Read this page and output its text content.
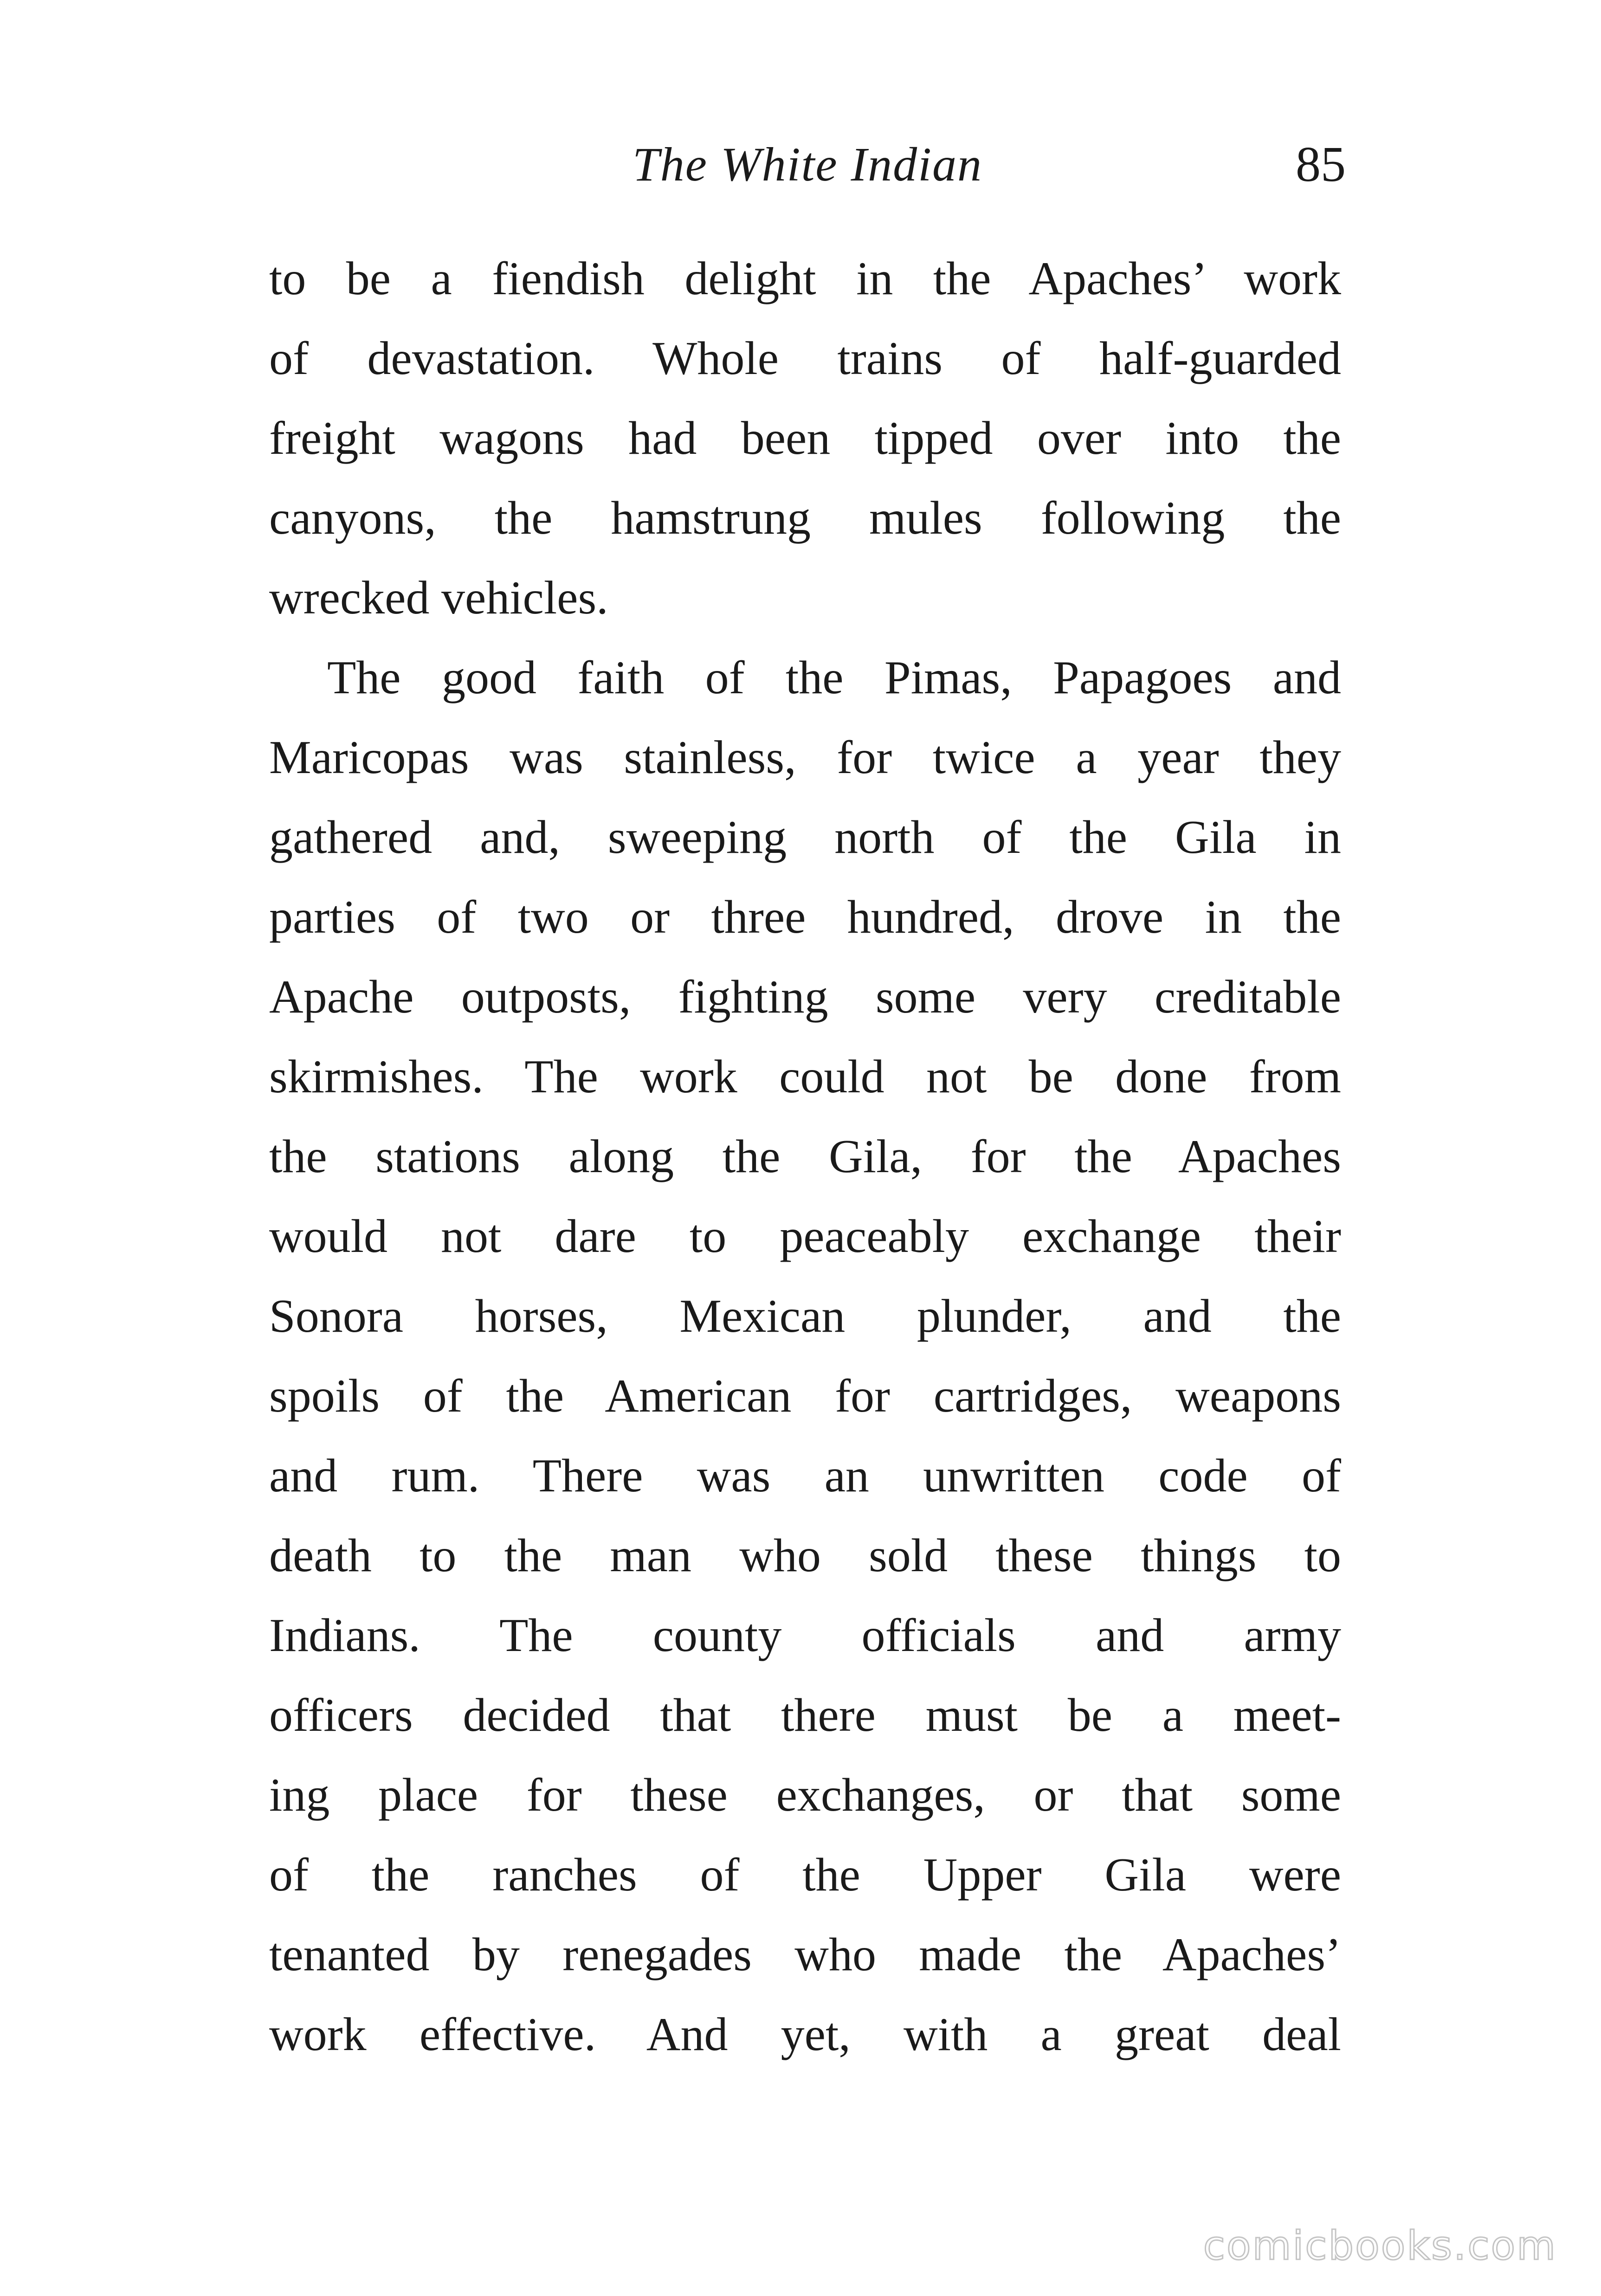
The White Indian	85
to be a fiendish delight in the Apaches’ work
of devastation. Whole trains of half-guarded
freight wagons had been tipped over into the
canyons, the hamstrung mules following the
wrecked vehicles.
The good faith of the Pimas, Papagoes and
Maricopas was stainless, for twice a year they
gathered and, sweeping north of the Gila in
parties of two or three hundred, drove in the
Apache outposts, fighting some very creditable
skirmishes. The work could not be done from
the stations along the Gila, for the Apaches
would not dare to peaceably exchange their
Sonora horses, Mexican plunder, and the
spoils of the American for cartridges, weapons
and rum. There was an unwritten code of
death to the man who sold these things to
Indians. The county officials and army
officers decided that there must be a meet-
ing place for these exchanges, or that some
of the ranches of the Upper Gila were
tenanted by renegades who made the Apaches’
work effective. And yet, with a great deal
comicbooks.com
